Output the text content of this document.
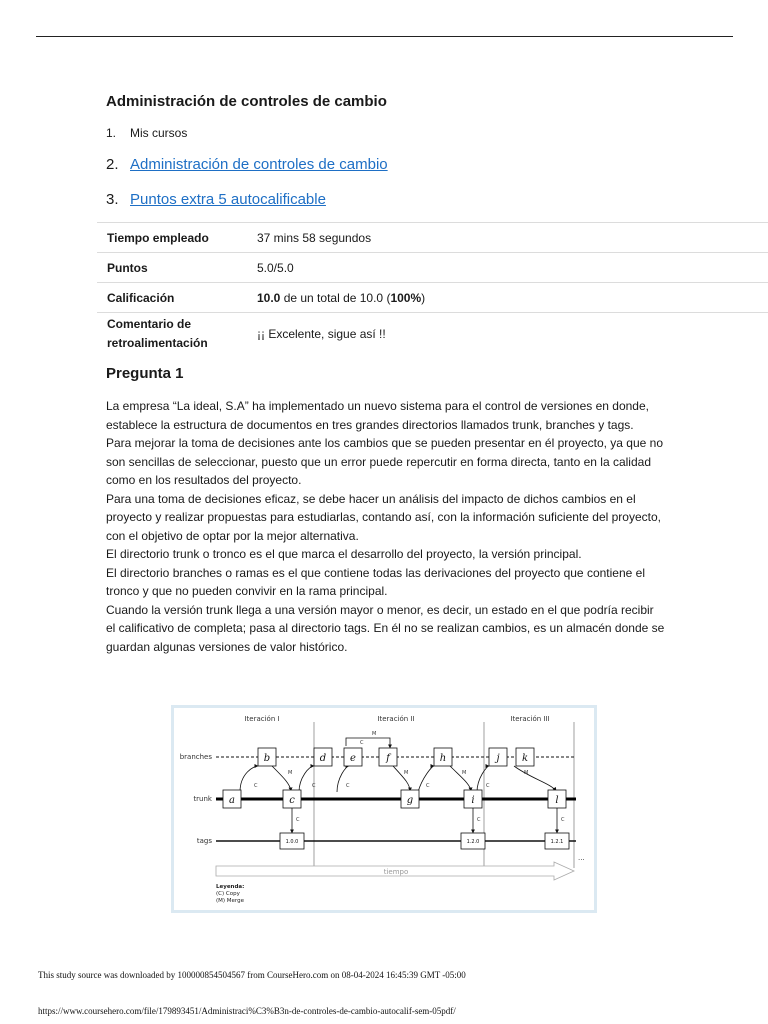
Administración de controles de cambio
1. Mis cursos
2. Administración de controles de cambio
3. Puntos extra 5 autocalificable
Tiempo empleado	37 mins 58 segundos
Puntos	5.0/5.0
Calificación	10.0 de un total de 10.0 (100%)
Comentario de
retroalimentación	¡¡ Excelente, sigue así !!
Pregunta 1

La empresa “La ideal, S.A” ha implementado un nuevo sistema para el control de versiones en donde, establece la estructura de documentos en tres grandes directorios llamados trunk, branches y tags.

Para mejorar la toma de decisiones ante los cambios que se pueden presentar en él proyecto, ya que no son sencillas de seleccionar, puesto que un error puede repercutir en forma directa, tanto en la calidad como en los resultados del proyecto.

Para una toma de decisiones eficaz, se debe hacer un análisis del impacto de dichos cambios en el proyecto y realizar propuestas para estudiarlas, contando así, con la información suficiente del proyecto, con el objetivo de optar por la mejor alternativa.

El directorio trunk o tronco es el que marca el desarrollo del proyecto, la versión principal.

El directorio branches o ramas es el que contiene todas las derivaciones del proyecto que contiene el tronco y que no pueden convivir en la rama principal.

Cuando la versión trunk llega a una versión mayor o menor, es decir, un estado en el que podría recibir el calificativo de completa; pasa al directorio tags. En él no se realizan cambios, es un almacén donde se guardan algunas versiones de valor histórico.

Iteración I	Iteración II	Iteración III
branches
trunk
tags
C
M
C	C
M
C
M
C
M
C	C	C
M
C
b	d e	f	h	j k
a	c	g	i	l
1.0.0	1.2.0	1.2.1
...
tiempo
Leyenda:
(C) Copy
(M) Merge
This study source was downloaded by 100000854504567 from CourseHero.com on 08-04-2024 16:45:39 GMT -05:00
https://www.coursehero.com/file/179893451/Administraci%C3%B3n-de-controles-de-cambio-autocalif-sem-05pdf/
